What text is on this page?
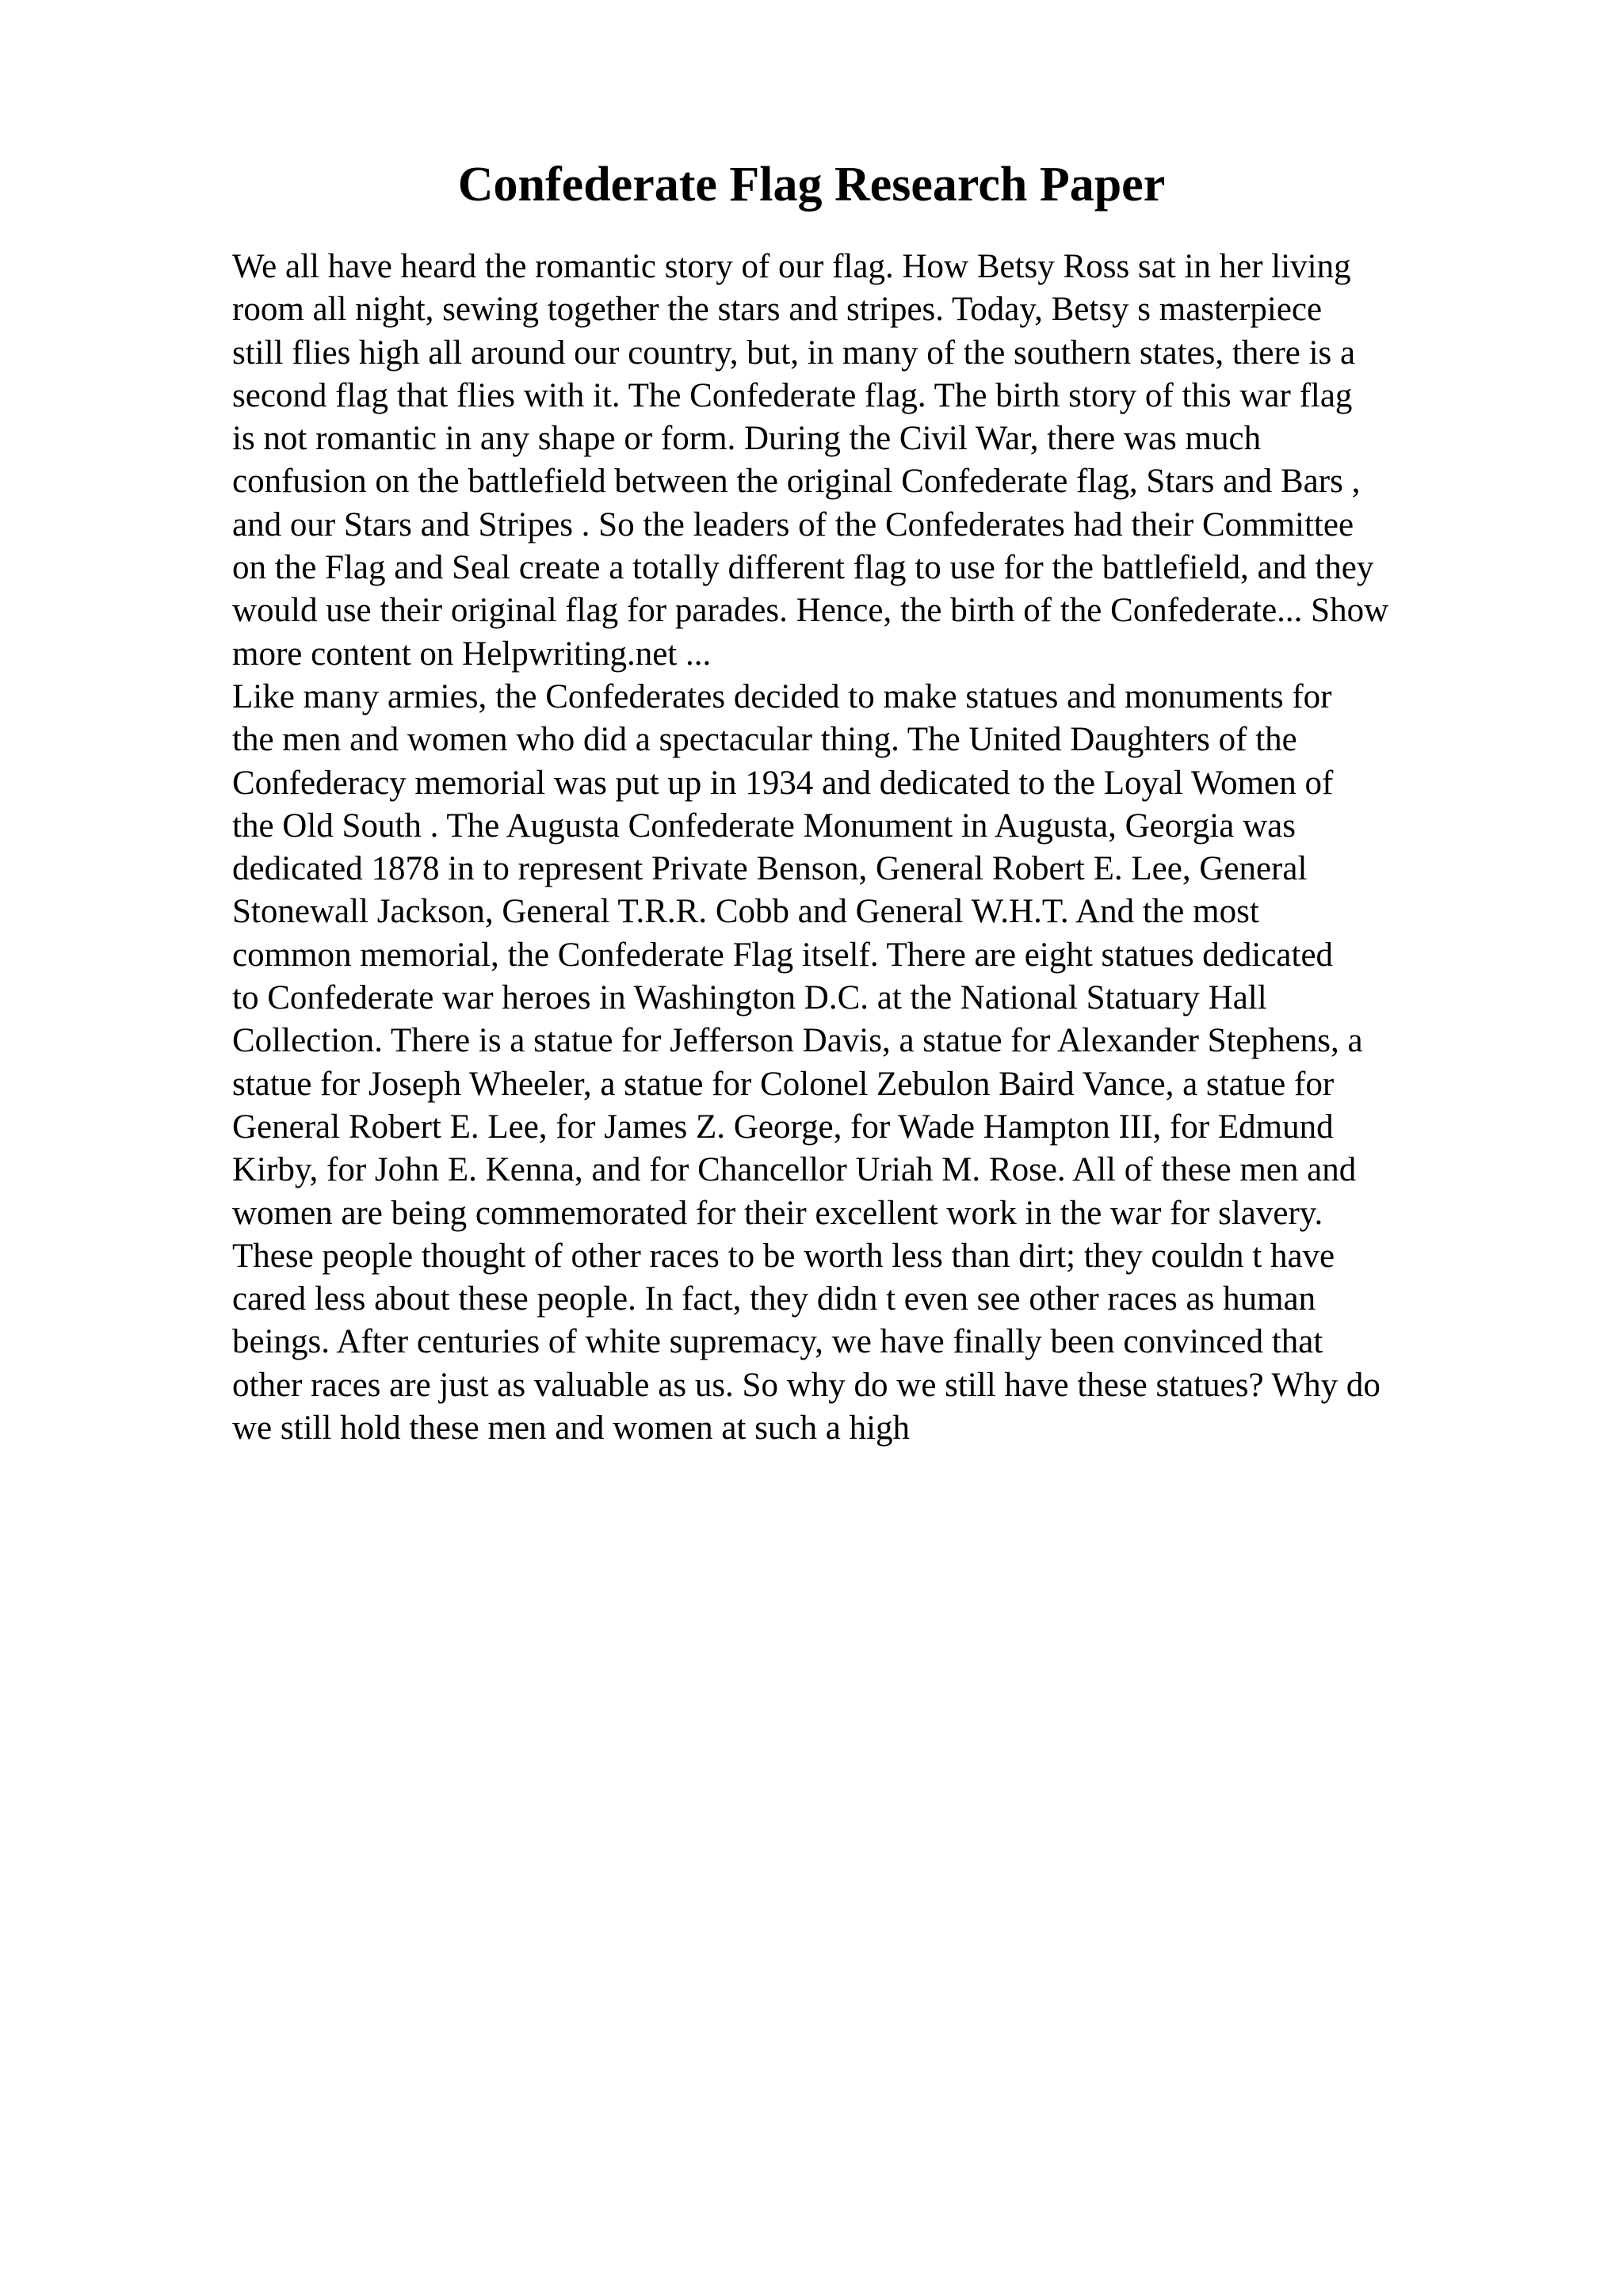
Confederate Flag Research Paper
We all have heard the romantic story of our flag. How Betsy Ross sat in her living
room all night, sewing together the stars and stripes. Today, Betsy s masterpiece
still flies high all around our country, but, in many of the southern states, there is a
second flag that flies with it. The Confederate flag. The birth story of this war flag
is not romantic in any shape or form. During the Civil War, there was much
confusion on the battlefield between the original Confederate flag, Stars and Bars ,
and our Stars and Stripes . So the leaders of the Confederates had their Committee
on the Flag and Seal create a totally different flag to use for the battlefield, and they
would use their original flag for parades. Hence, the birth of the Confederate... Show
more content on Helpwriting.net ...
Like many armies, the Confederates decided to make statues and monuments for
the men and women who did a spectacular thing. The United Daughters of the
Confederacy memorial was put up in 1934 and dedicated to the Loyal Women of
the Old South . The Augusta Confederate Monument in Augusta, Georgia was
dedicated 1878 in to represent Private Benson, General Robert E. Lee, General
Stonewall Jackson, General T.R.R. Cobb and General W.H.T. And the most
common memorial, the Confederate Flag itself. There are eight statues dedicated
to Confederate war heroes in Washington D.C. at the National Statuary Hall
Collection. There is a statue for Jefferson Davis, a statue for Alexander Stephens, a
statue for Joseph Wheeler, a statue for Colonel Zebulon Baird Vance, a statue for
General Robert E. Lee, for James Z. George, for Wade Hampton III, for Edmund
Kirby, for John E. Kenna, and for Chancellor Uriah M. Rose. All of these men and
women are being commemorated for their excellent work in the war for slavery.
These people thought of other races to be worth less than dirt; they couldn t have
cared less about these people. In fact, they didn t even see other races as human
beings. After centuries of white supremacy, we have finally been convinced that
other races are just as valuable as us. So why do we still have these statues? Why do
we still hold these men and women at such a high
